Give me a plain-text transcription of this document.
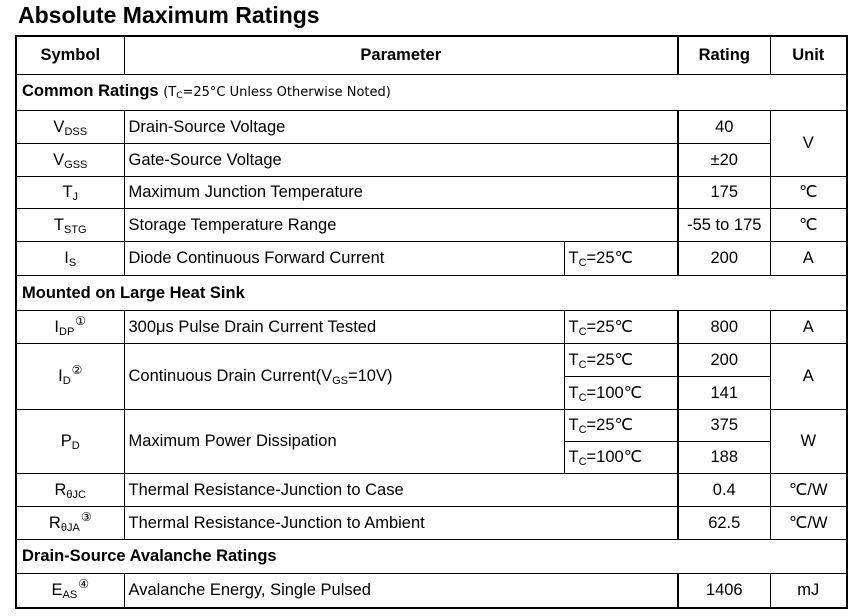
Absolute Maximum Ratings
Symbol	Parameter		Rating	Unit
Common Ratings ($T_C=25^\circ C$ Unless Otherwise Noted)				
$V_{DSS}$	Drain-Source Voltage		40	V
$V_{GSS}$	Gate-Source Voltage		±20	
$T_J$	Maximum Junction Temperature		175	℃
$T_{STG}$	Storage Temperature Range		-55 to 175	℃
$I_S$	Diode Continuous Forward Current	$T_C=25℃$	200	A
Mounted on Large Heat Sink				
$I_{DP}^①$	300μs Pulse Drain Current Tested	$T_C=25℃$	800	A
$I_D^②$	Continuous Drain $Current(V_{GS}=10V)$	$T_C=25℃$	200	A
		$T_C=100℃$	141	
$P_D$	Maximum Power Dissipation	$T_C=25℃$	375	W
		$T_C=100℃$	188	
$R_{\theta JC}$	Thermal Resistance-Junction to Case		0.4	℃/W
$R_{\theta JA}^③$	Thermal Resistance-Junction to Ambient		62.5	℃/W
Drain-Source Avalanche Ratings				
$E_{AS}^④$	Avalanche Energy, Single Pulsed		1406	mJ
